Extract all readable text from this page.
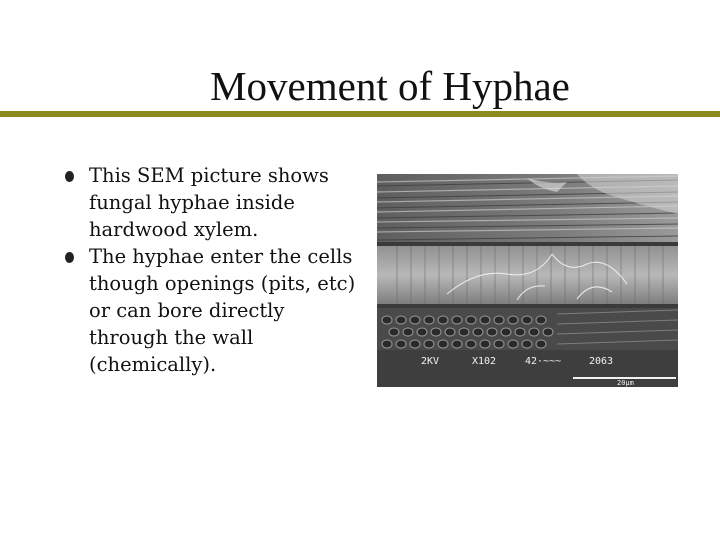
Movement of Hyphae
This SEM picture shows fungal hyphae inside hardwood xylem.
The hyphae enter the cells though openings (pits, etc) or can bore directly through the wall (chemically).	2KV	X102	42·̴̴̴	2063
20µm
